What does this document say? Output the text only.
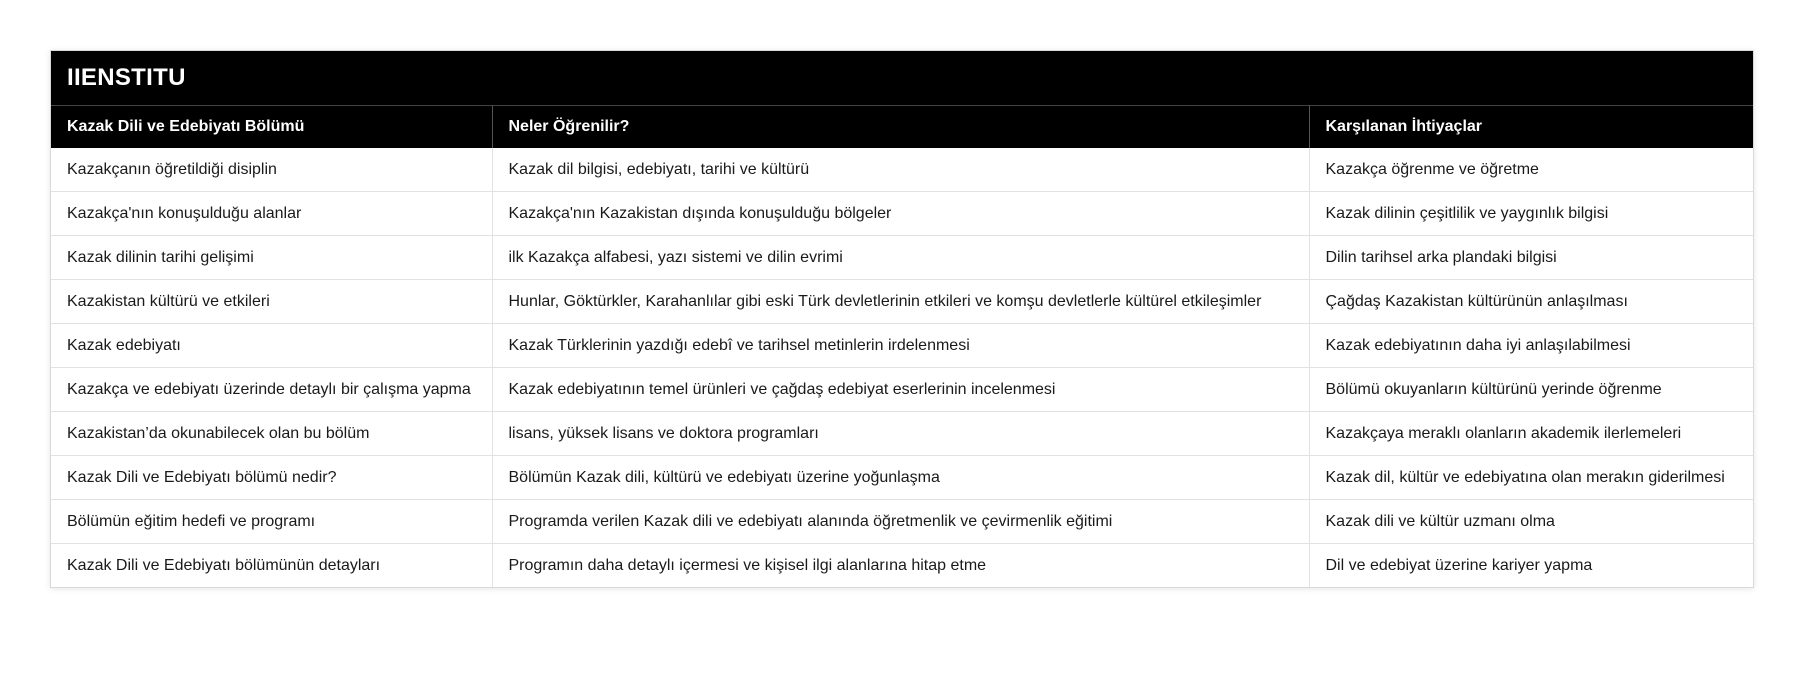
IIENSTITU
Kazak Dili ve Edebiyatı Bölümü	Neler Öğrenilir?	Karşılanan İhtiyaçlar
Kazakçanın öğretildiği disiplin	Kazak dil bilgisi, edebiyatı, tarihi ve kültürü	Kazakça öğrenme ve öğretme
Kazakça'nın konuşulduğu alanlar	Kazakça'nın Kazakistan dışında konuşulduğu bölgeler	Kazak dilinin çeşitlilik ve yaygınlık bilgisi
Kazak dilinin tarihi gelişimi	ilk Kazakça alfabesi, yazı sistemi ve dilin evrimi	Dilin tarihsel arka plandaki bilgisi
Kazakistan kültürü ve etkileri	Hunlar, Göktürkler, Karahanlılar gibi eski Türk devletlerinin etkileri ve komşu devletlerle kültürel etkileşimler	Çağdaş Kazakistan kültürünün anlaşılması
Kazak edebiyatı	Kazak Türklerinin yazdığı edebî ve tarihsel metinlerin irdelenmesi	Kazak edebiyatının daha iyi anlaşılabilmesi
Kazakça ve edebiyatı üzerinde detaylı bir çalışma yapma	Kazak edebiyatının temel ürünleri ve çağdaş edebiyat eserlerinin incelenmesi	Bölümü okuyanların kültürünü yerinde öğrenme
Kazakistan’da okunabilecek olan bu bölüm	lisans, yüksek lisans ve doktora programları	Kazakçaya meraklı olanların akademik ilerlemeleri
Kazak Dili ve Edebiyatı bölümü nedir?	Bölümün Kazak dili, kültürü ve edebiyatı üzerine yoğunlaşma	Kazak dil, kültür ve edebiyatına olan merakın giderilmesi
Bölümün eğitim hedefi ve programı	Programda verilen Kazak dili ve edebiyatı alanında öğretmenlik ve çevirmenlik eğitimi	Kazak dili ve kültür uzmanı olma
Kazak Dili ve Edebiyatı bölümünün detayları	Programın daha detaylı içermesi ve kişisel ilgi alanlarına hitap etme	Dil ve edebiyat üzerine kariyer yapma
